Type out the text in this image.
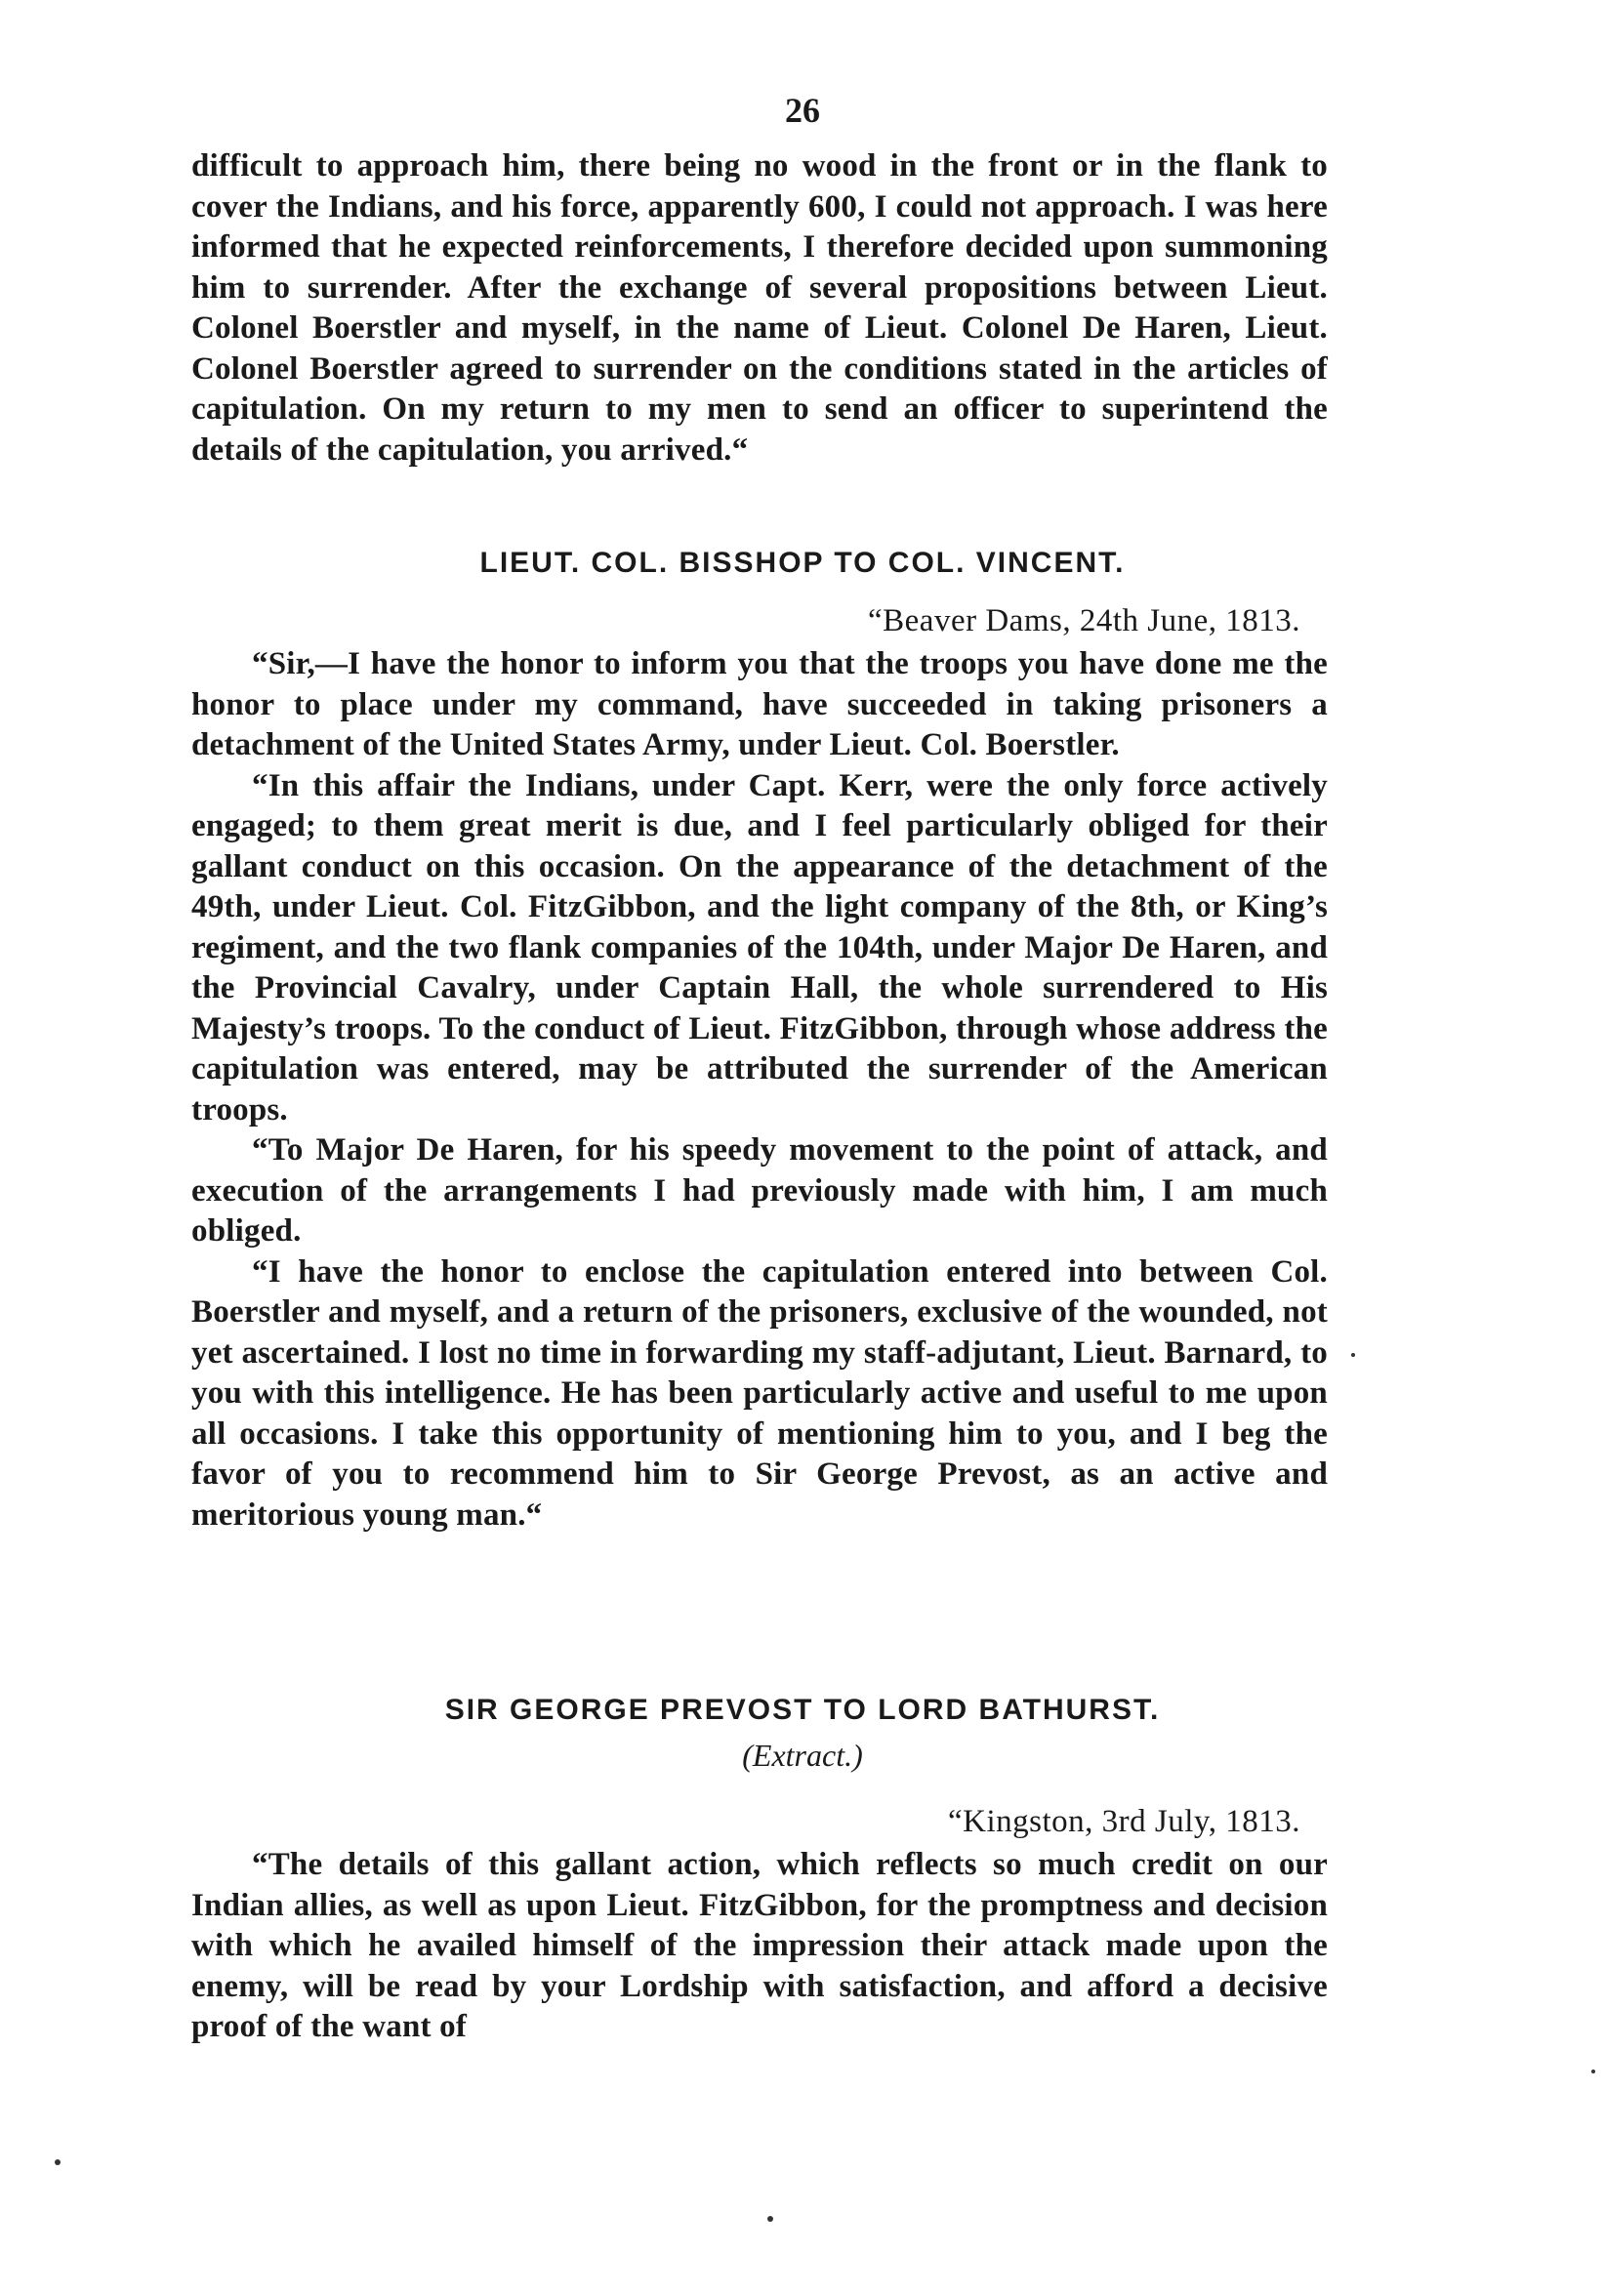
26

difficult to approach him, there being no wood in the front or in the flank to cover the Indians, and his force, apparently 600, I could not approach. I was here informed that he expected reinforcements, I therefore decided upon summoning him to surrender. After the exchange of several propositions between Lieut. Colonel Boerstler and myself, in the name of Lieut. Colonel De Haren, Lieut. Colonel Boerstler agreed to surrender on the conditions stated in the articles of capitulation. On my return to my men to send an officer to superintend the details of the capitulation, you arrived.“

LIEUT. COL. BISSHOP TO COL. VINCENT.
“Beaver Dams, 24th June, 1813.

“Sir,—I have the honor to inform you that the troops you have done me the honor to place under my command, have succeeded in taking prisoners a detachment of the United States Army, under Lieut. Col. Boerstler.

“In this affair the Indians, under Capt. Kerr, were the only force actively engaged; to them great merit is due, and I feel particularly obliged for their gallant conduct on this occasion. On the appearance of the detachment of the 49th, under Lieut. Col. FitzGibbon, and the light company of the 8th, or King’s regiment, and the two flank companies of the 104th, under Major De Haren, and the Provincial Cavalry, under Captain Hall, the whole surrendered to His Majesty’s troops. To the conduct of Lieut. FitzGibbon, through whose address the capitulation was entered, may be attributed the surrender of the American troops.

“To Major De Haren, for his speedy movement to the point of attack, and execution of the arrangements I had previously made with him, I am much obliged.

“I have the honor to enclose the capitulation entered into between Col. Boerstler and myself, and a return of the prisoners, exclusive of the wounded, not yet ascertained. I lost no time in forwarding my staff-adjutant, Lieut. Barnard, to you with this intelligence. He has been particularly active and useful to me upon all occasions. I take this opportunity of mentioning him to you, and I beg the favor of you to recommend him to Sir George Prevost, as an active and meritorious young man.“

SIR GEORGE PREVOST TO LORD BATHURST.
(Extract.)
“Kingston, 3rd July, 1813.

“The details of this gallant action, which reflects so much credit on our Indian allies, as well as upon Lieut. FitzGibbon, for the promptness and decision with which he availed himself of the impression their attack made upon the enemy, will be read by your Lordship with satisfaction, and afford a decisive proof of the want of
